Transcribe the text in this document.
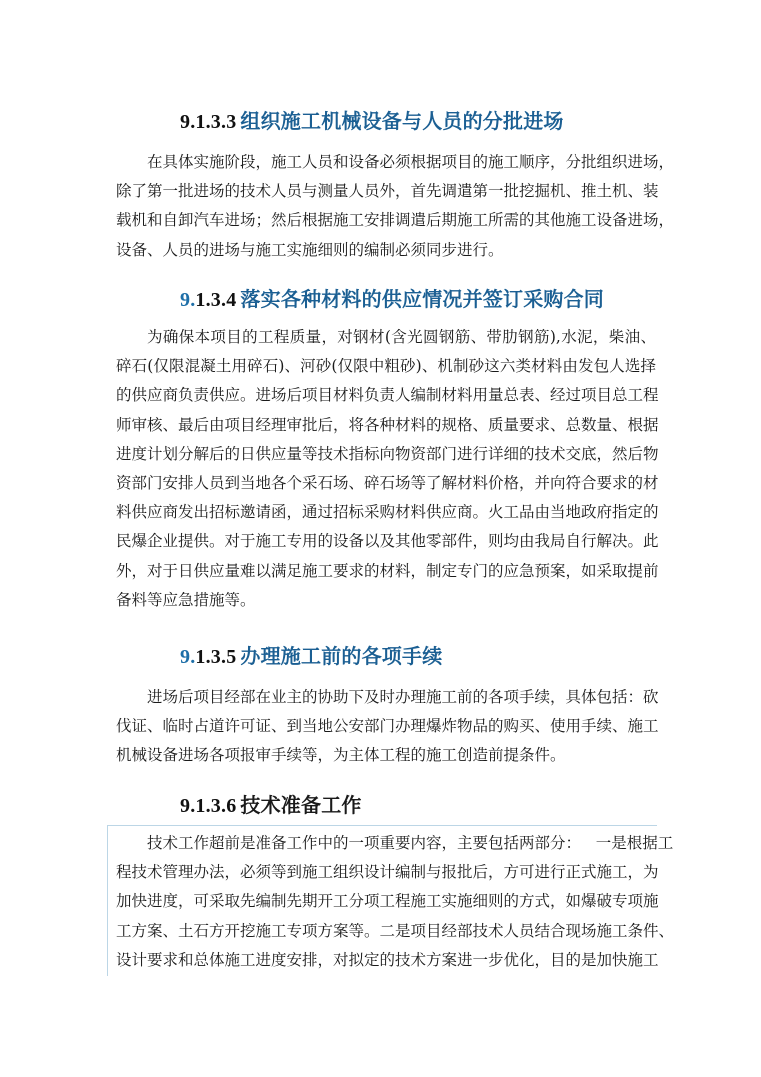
9.1.3.3 组织施工机械设备与人员的分批进场
在具体实施阶段，施工人员和设备必须根据项目的施工顺序，分批组织进场，
除了第一批进场的技术人员与测量人员外，首先调遣第一批挖掘机、推土机、装
载机和自卸汽车进场；然后根据施工安排调遣后期施工所需的其他施工设备进场，
设备、人员的进场与施工实施细则的编制必须同步进行。
9.1.3.4 落实各种材料的供应情况并签订采购合同
为确保本项目的工程质量，对钢材(含光圆钢筋、带肋钢筋),水泥，柴油、
碎石(仅限混凝土用碎石)、河砂(仅限中粗砂)、机制砂这六类材料由发包人选择
的供应商负责供应。进场后项目材料负责人编制材料用量总表、经过项目总工程
师审核、最后由项目经理审批后，将各种材料的规格、质量要求、总数量、根据
进度计划分解后的日供应量等技术指标向物资部门进行详细的技术交底，然后物
资部门安排人员到当地各个采石场、碎石场等了解材料价格，并向符合要求的材
料供应商发出招标邀请函，通过招标采购材料供应商。火工品由当地政府指定的
民爆企业提供。对于施工专用的设备以及其他零部件，则均由我局自行解决。此
外，对于日供应量难以满足施工要求的材料，制定专门的应急预案，如采取提前
备料等应急措施等。
9.1.3.5 办理施工前的各项手续
进场后项目经部在业主的协助下及时办理施工前的各项手续，具体包括：砍
伐证、临时占道许可证、到当地公安部门办理爆炸物品的购买、使用手续、施工
机械设备进场各项报审手续等，为主体工程的施工创造前提条件。
9.1.3.6 技术准备工作
技术工作超前是准备工作中的一项重要内容，主要包括两部分：   一是根据工
程技术管理办法，必须等到施工组织设计编制与报批后，方可进行正式施工，为
加快进度，可采取先编制先期开工分项工程施工实施细则的方式，如爆破专项施
工方案、土石方开挖施工专项方案等。二是项目经部技术人员结合现场施工条件、
设计要求和总体施工进度安排，对拟定的技术方案进一步优化，目的是加快施工
